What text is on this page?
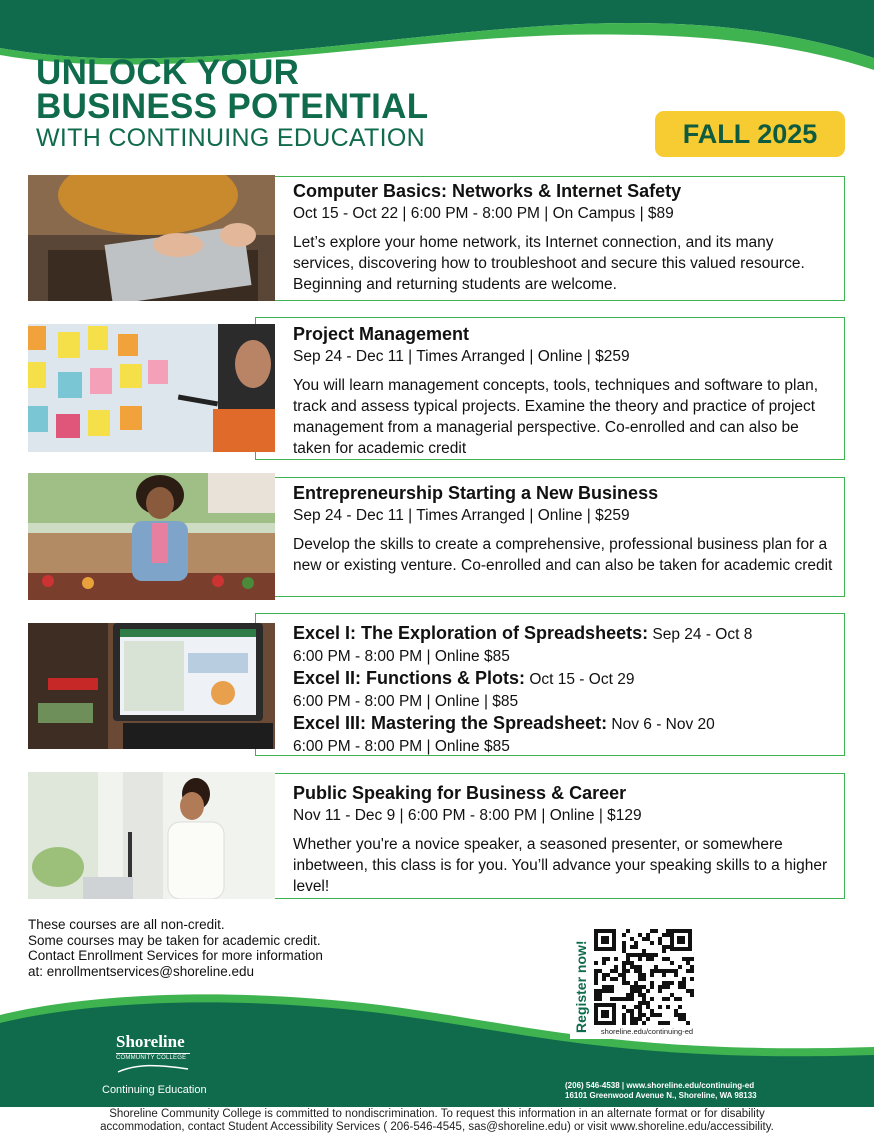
UNLOCK YOUR
BUSINESS POTENTIAL
WITH CONTINUING EDUCATION	FALL 2025
Computer Basics: Networks & Internet Safety
Oct 15 - Oct 22 | 6:00 PM - 8:00 PM | On Campus | $89
Let’s explore your home network, its Internet connection, and its many services, discovering how to troubleshoot and secure this valued resource. Beginning and returning students are welcome.
Project Management
Sep 24 - Dec 11 | Times Arranged | Online | $259
You will learn management concepts, tools, techniques and software to plan, track and assess typical projects. Examine the theory and practice of project management from a managerial perspective. Co-enrolled and can also be taken for academic credit
Entrepreneurship Starting a New Business
Sep 24 - Dec 11 | Times Arranged | Online | $259
Develop the skills to create a comprehensive, professional business plan for a new or existing venture. Co-enrolled and can also be taken for academic credit
Excel I: The Exploration of Spreadsheets: Sep 24 - Oct 8
6:00 PM - 8:00 PM | Online $85
Excel II: Functions & Plots: Oct 15 - Oct 29
6:00 PM - 8:00 PM | Online | $85
Excel III: Mastering the Spreadsheet: Nov 6 - Nov 20
6:00 PM - 8:00 PM | Online $85
Public Speaking for Business & Career
Nov 11 - Dec 9 | 6:00 PM - 8:00 PM | Online | $129
Whether you're a novice speaker, a seasoned presenter, or somewhere inbetween, this class is for you. You’ll advance your speaking skills to a higher level!
These courses are all non-credit.
Some courses may be taken for academic credit.
Contact Enrollment Services for more information
at: enrollmentservices@shoreline.edu
Shoreline
COMMUNITY COLLEGE
Continuing Education
Register now!	shoreline.edu/continuing-ed
(206) 546-4538 | www.shoreline.edu/continuing-ed
16101 Greenwood Avenue N., Shoreline, WA 98133
Shoreline Community College is committed to nondiscrimination. To request this information in an alternate format or for disability
accommodation, contact Student Accessibility Services ( 206-546-4545, sas@shoreline.edu) or visit www.shoreline.edu/accessibility.
